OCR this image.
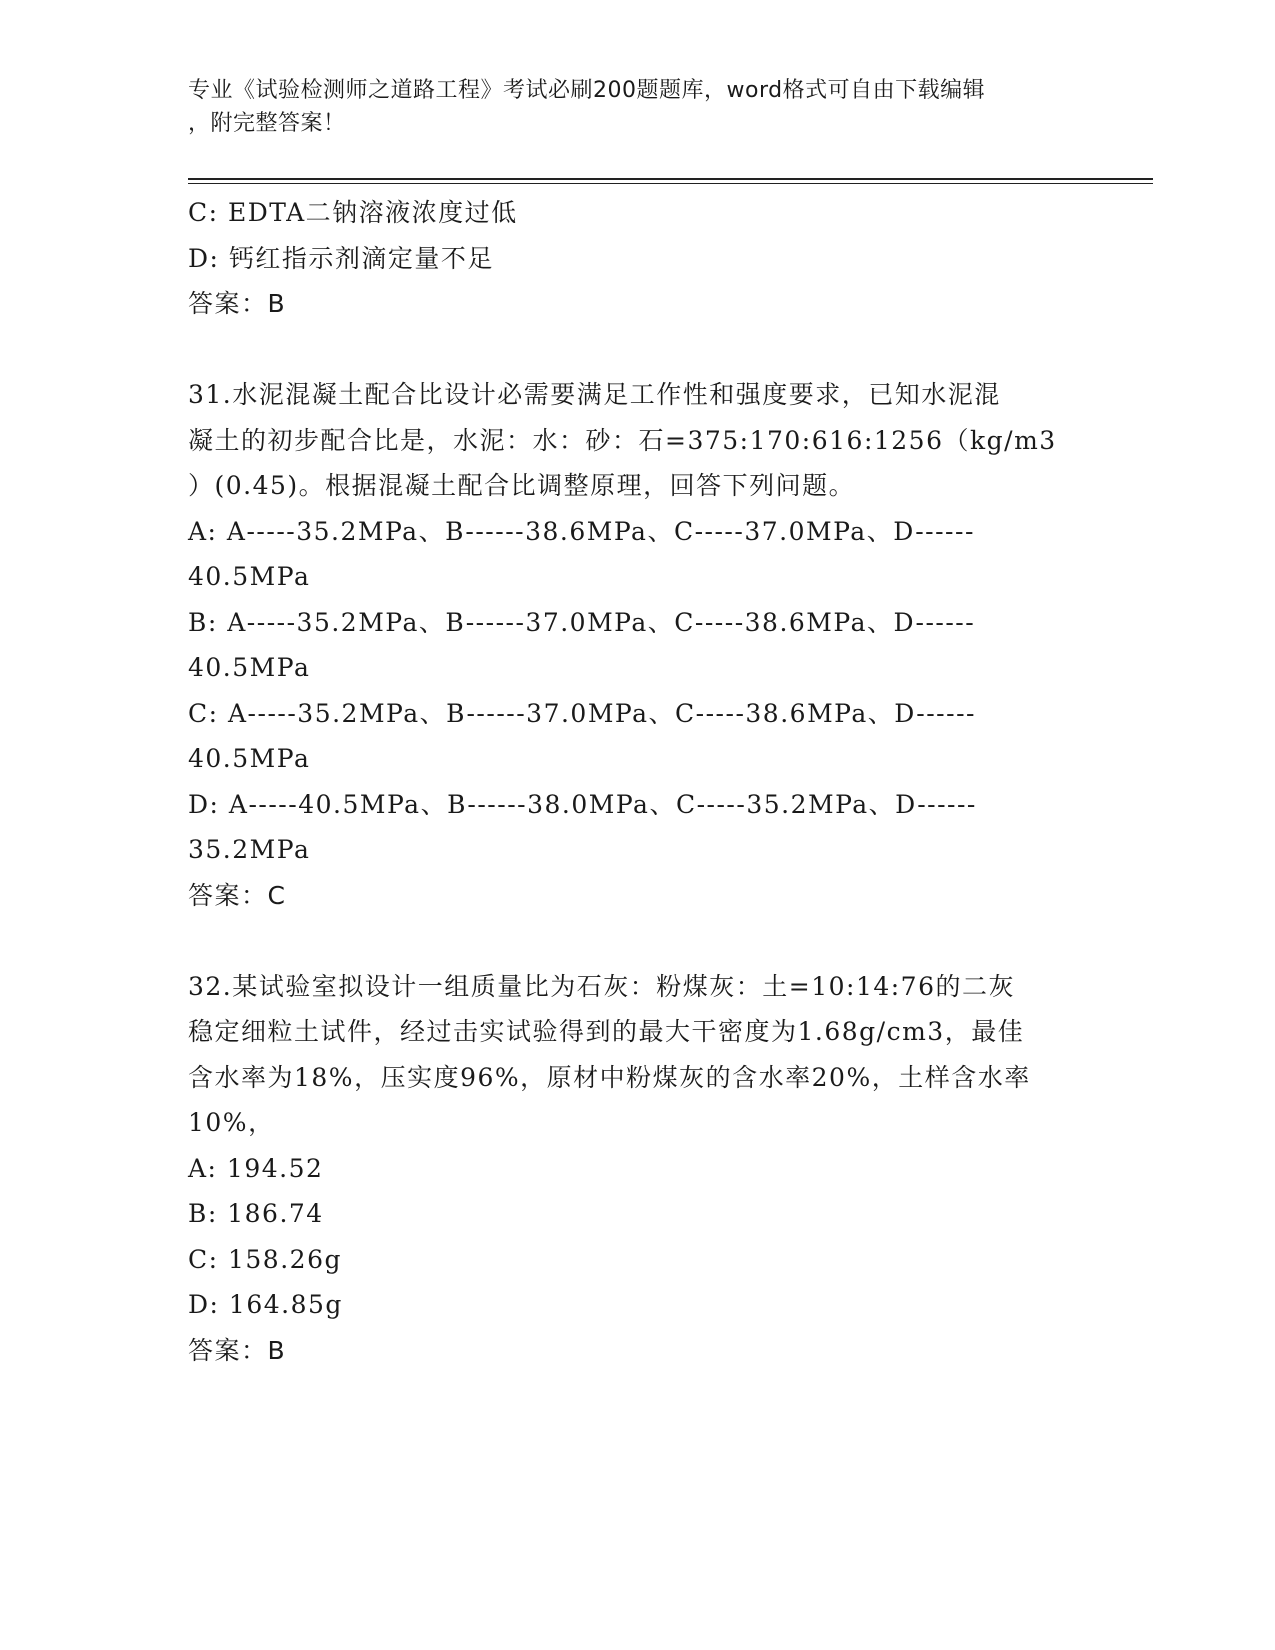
专业《试验检测师之道路工程》考试必刷200题题库，word格式可自由下载编辑
，附完整答案！
C: EDTA二钠溶液浓度过低
D: 钙红指示剂滴定量不足
答案：B
31.水泥混凝土配合比设计必需要满足工作性和强度要求，已知水泥混
凝土的初步配合比是，水泥：水：砂：石=375:170:616:1256（kg/m3
）(0.45)。根据混凝土配合比调整原理，回答下列问题。
A: A-----35.2MPa、B------38.6MPa、C-----37.0MPa、D------
40.5MPa
B: A-----35.2MPa、B------37.0MPa、C-----38.6MPa、D------
40.5MPa
C: A-----35.2MPa、B------37.0MPa、C-----38.6MPa、D------
40.5MPa
D: A-----40.5MPa、B------38.0MPa、C-----35.2MPa、D------
35.2MPa
答案：C
32.某试验室拟设计一组质量比为石灰：粉煤灰：土=10:14:76的二灰
稳定细粒土试件，经过击实试验得到的最大干密度为1.68g/cm3，最佳
含水率为18%，压实度96%，原材中粉煤灰的含水率20%，土样含水率
10%，
A: 194.52
B: 186.74
C: 158.26g
D: 164.85g
答案：B
